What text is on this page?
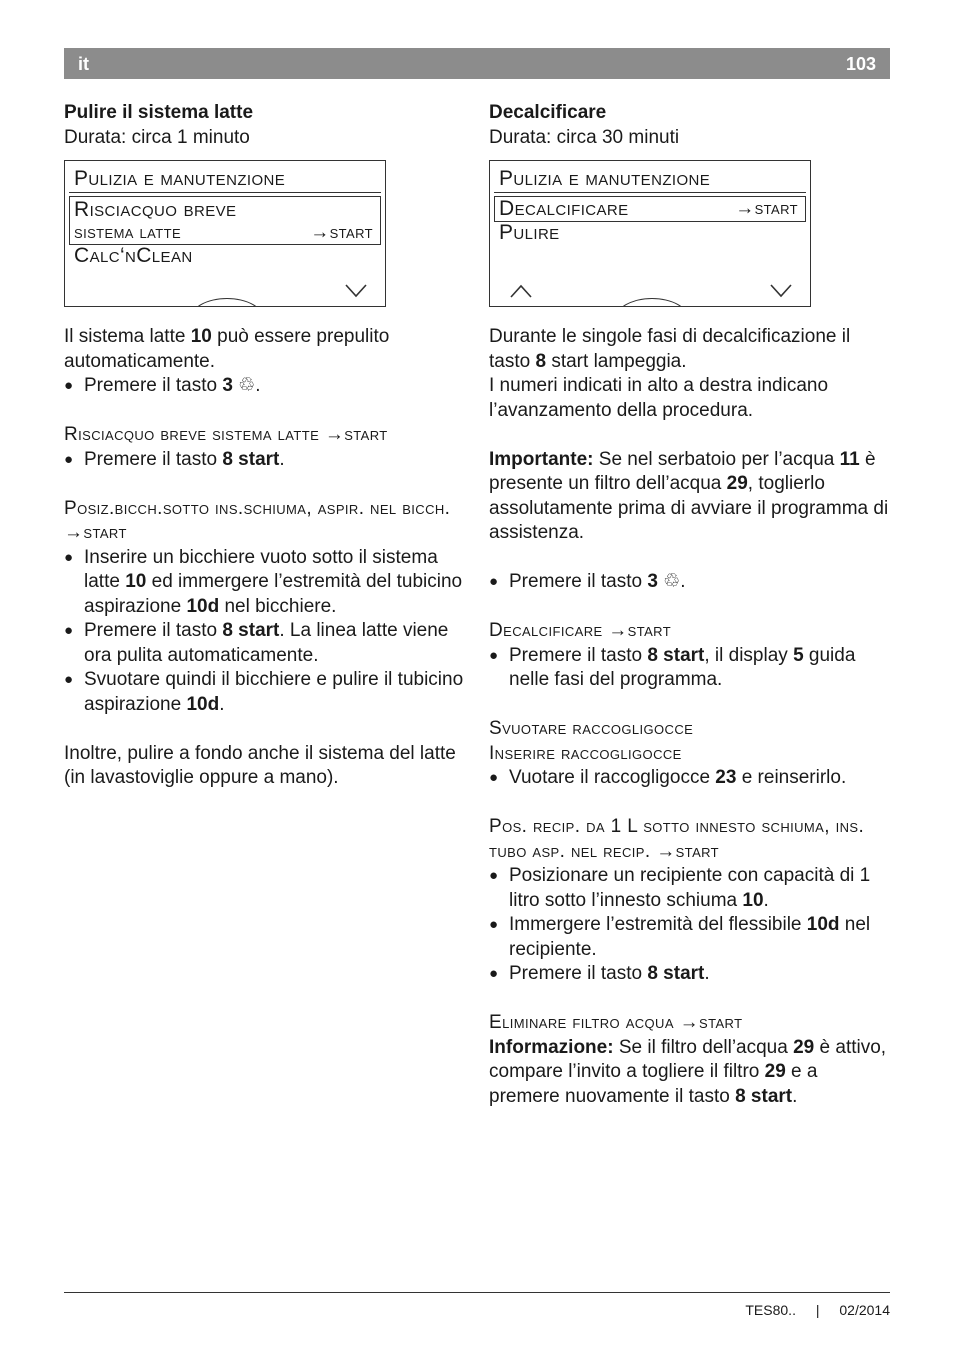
it	103
Pulire il sistema latte

Durata: circa 1 minuto

Pulizia e manutenzione
Risciacquo breve
sistema latte	→start
Calc‘nClean

Il sistema latte 10 può essere prepulito automaticamente.

● Premere il tasto 3 ♲.

Risciacquo breve sistema latte →start

● Premere il tasto 8 start.

Posiz.bicch.sotto ins.schiuma, aspir. nel bicch. →start

● Inserire un bicchiere vuoto sotto il sistema latte 10 ed immergere l’estremità del tubicino aspirazione 10d nel bicchiere.

● Premere il tasto 8 start. La linea latte viene ora pulita automaticamente.

● Svuotare quindi il bicchiere e pulire il tubicino aspirazione 10d.

Inoltre, pulire a fondo anche il sistema del latte (in lavastoviglie oppure a mano).

Decalcificare

Durata: circa 30 minuti

Pulizia e manutenzione
Decalcificare	→start
Pulire

Durante le singole fasi di decalcificazione il tasto 8 start lampeggia.

I numeri indicati in alto a destra indicano l’avanzamento della procedura.

Importante: Se nel serbatoio per l’acqua 11 è presente un filtro dell’acqua 29, toglierlo assolutamente prima di avviare il programma di assistenza.

● Premere il tasto 3 ♲.

Decalcificare →start

● Premere il tasto 8 start, il display 5 guida nelle fasi del programma.

Svuotare raccogligocce

Inserire raccogligocce

● Vuotare il raccogligocce 23 e reinserirlo.

Pos. recip. da 1 L sotto innesto schiuma, ins. tubo asp. nel recip. →start

● Posizionare un recipiente con capacità di 1 litro sotto l’innesto schiuma 10.

● Immergere l’estremità del flessibile 10d nel recipiente.

● Premere il tasto 8 start.

Eliminare filtro acqua →start

Informazione: Se il filtro dell’acqua 29 è attivo, compare l’invito a togliere il filtro 29 e a premere nuovamente il tasto 8 start.

TES80.. | 02/2014
